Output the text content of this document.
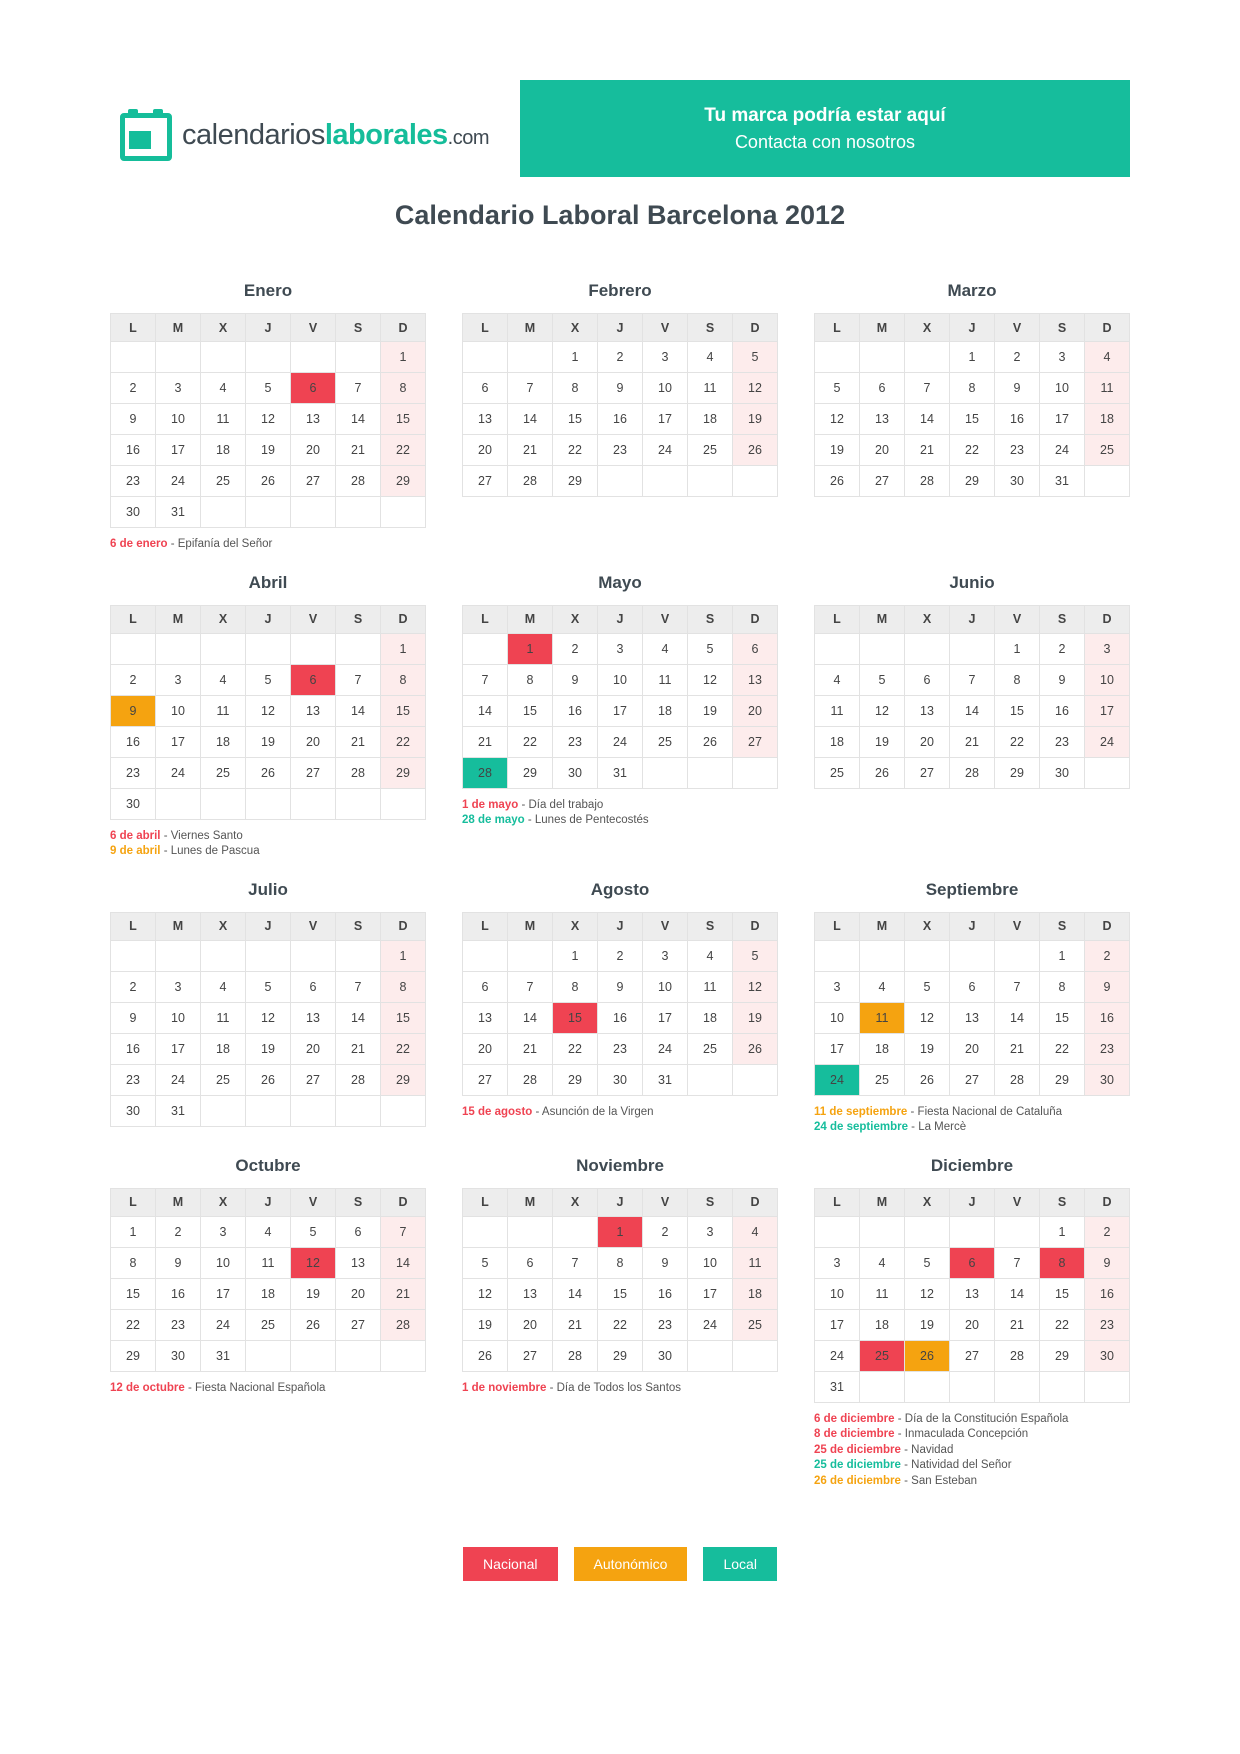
calendarioslaborales.com
Tu marca podría estar aquí
Contacta con nosotros
Calendario Laboral Barcelona 2012
Enero
L	M	X	J	V	S	D
						1
2	3	4	5	6	7	8
9	10	11	12	13	14	15
16	17	18	19	20	21	22
23	24	25	26	27	28	29
30	31					
6 de enero - Epifanía del Señor
Febrero
L	M	X	J	V	S	D
		1	2	3	4	5
6	7	8	9	10	11	12
13	14	15	16	17	18	19
20	21	22	23	24	25	26
27	28	29				
Marzo
L	M	X	J	V	S	D
			1	2	3	4
5	6	7	8	9	10	11
12	13	14	15	16	17	18
19	20	21	22	23	24	25
26	27	28	29	30	31	
Abril
L	M	X	J	V	S	D
						1
2	3	4	5	6	7	8
9	10	11	12	13	14	15
16	17	18	19	20	21	22
23	24	25	26	27	28	29
30						
6 de abril - Viernes Santo
9 de abril - Lunes de Pascua
Mayo
L	M	X	J	V	S	D
	1	2	3	4	5	6
7	8	9	10	11	12	13
14	15	16	17	18	19	20
21	22	23	24	25	26	27
28	29	30	31			
1 de mayo - Día del trabajo
28 de mayo - Lunes de Pentecostés
Junio
L	M	X	J	V	S	D
				1	2	3
4	5	6	7	8	9	10
11	12	13	14	15	16	17
18	19	20	21	22	23	24
25	26	27	28	29	30	
Julio
L	M	X	J	V	S	D
						1
2	3	4	5	6	7	8
9	10	11	12	13	14	15
16	17	18	19	20	21	22
23	24	25	26	27	28	29
30	31					
Agosto
L	M	X	J	V	S	D
		1	2	3	4	5
6	7	8	9	10	11	12
13	14	15	16	17	18	19
20	21	22	23	24	25	26
27	28	29	30	31		
15 de agosto - Asunción de la Virgen
Septiembre
L	M	X	J	V	S	D
					1	2
3	4	5	6	7	8	9
10	11	12	13	14	15	16
17	18	19	20	21	22	23
24	25	26	27	28	29	30
11 de septiembre - Fiesta Nacional de Cataluña
24 de septiembre - La Mercè
Octubre
L	M	X	J	V	S	D
1	2	3	4	5	6	7
8	9	10	11	12	13	14
15	16	17	18	19	20	21
22	23	24	25	26	27	28
29	30	31				
12 de octubre - Fiesta Nacional Española
Noviembre
L	M	X	J	V	S	D
			1	2	3	4
5	6	7	8	9	10	11
12	13	14	15	16	17	18
19	20	21	22	23	24	25
26	27	28	29	30		
1 de noviembre - Día de Todos los Santos
Diciembre
L	M	X	J	V	S	D
					1	2
3	4	5	6	7	8	9
10	11	12	13	14	15	16
17	18	19	20	21	22	23
24	25	26	27	28	29	30
31						
6 de diciembre - Día de la Constitución Española
8 de diciembre - Inmaculada Concepción
25 de diciembre - Navidad
25 de diciembre - Natividad del Señor
26 de diciembre - San Esteban
Nacional	Autonómico	Local
